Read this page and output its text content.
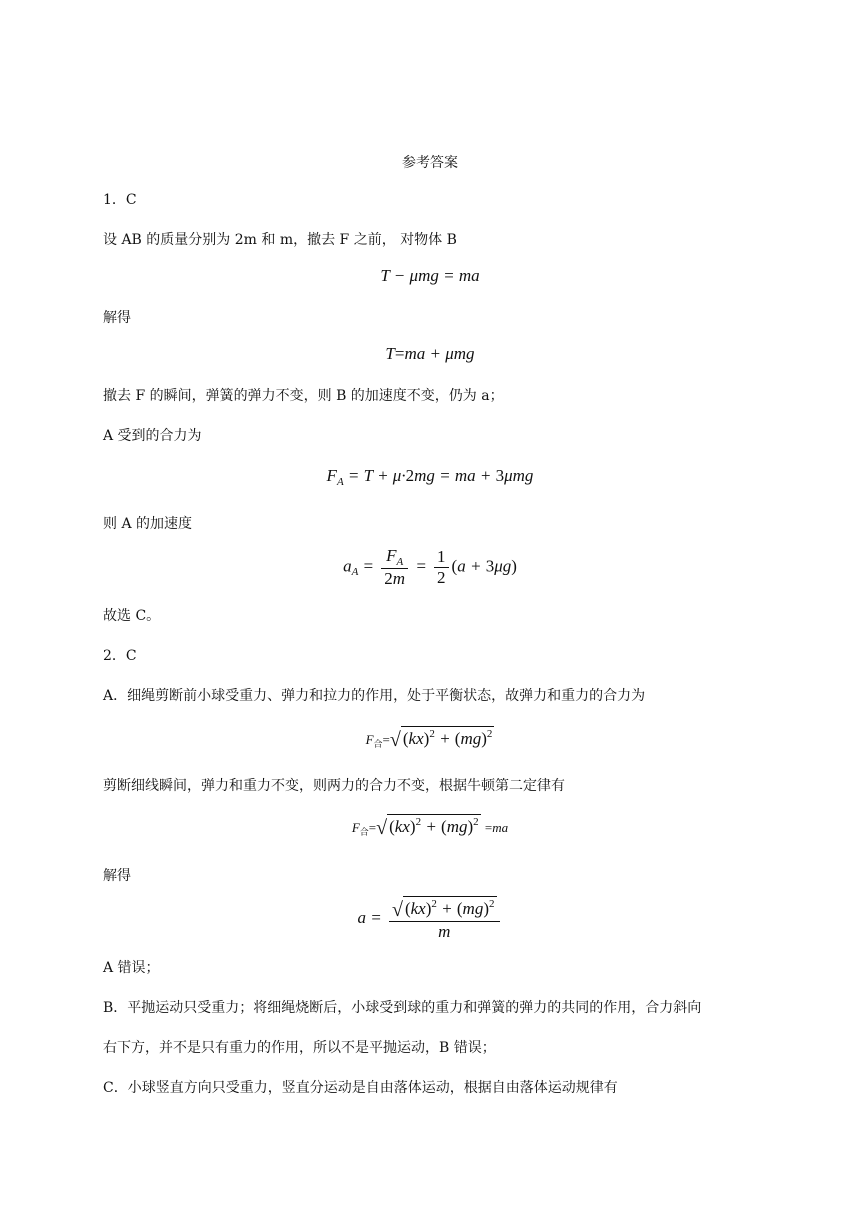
参考答案
1．C
设 AB 的质量分别为 2m 和 m，撤去 F 之前， 对物体 B
T − μmg = ma
解得
T=ma + μmg
撤去 F 的瞬间，弹簧的弹力不变，则 B 的加速度不变，仍为 a；
A 受到的合力为
$F_A = T + \mu\cdot 2mg$ = ma + 3μmg
则 A 的加速度
$a_A = \frac{F_A}{2m} = \frac{1}{2} (a + 3\mu g)$
故选 C。
2．C
A．细绳剪断前小球受重力、弹力和拉力的作用，处于平衡状态，故弹力和重力的合力为
F合=√ (kx)$^2$ + (mg)$^2$
剪断细线瞬间，弹力和重力不变，则两力的合力不变，根据牛顿第二定律有
F合=√ (kx)$^2$ + (mg)$^2$ =ma
解得
$a = \frac{√ (kx)^2 + (mg)^2}{m}$
A 错误；
B．平抛运动只受重力；将细绳烧断后，小球受到球的重力和弹簧的弹力的共同的作用，合力斜向
右下方，并不是只有重力的作用，所以不是平抛运动，B 错误；
C．小球竖直方向只受重力，竖直分运动是自由落体运动，根据自由落体运动规律有
